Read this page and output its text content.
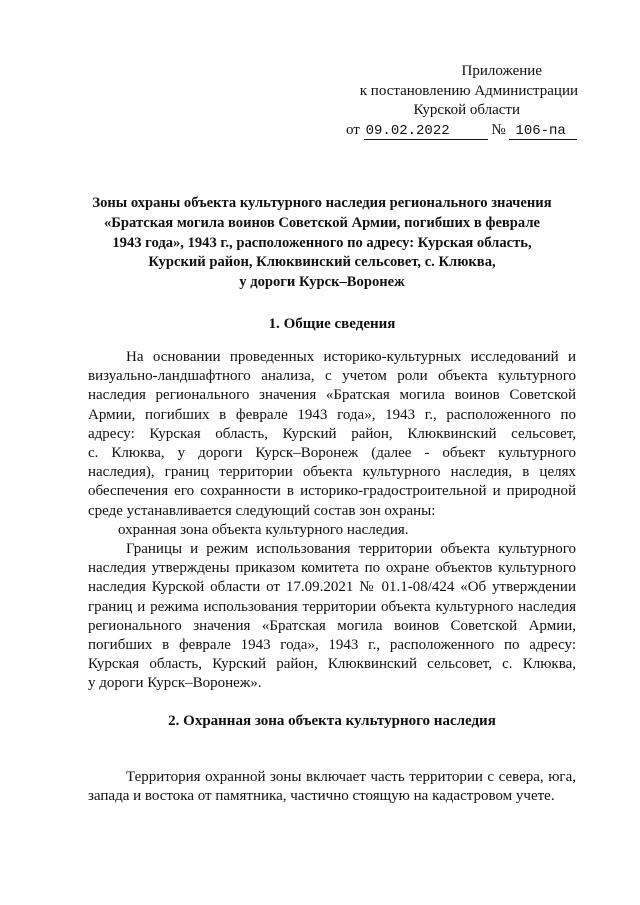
Приложение
к постановлению Администрации
Курской области
от 09.02.2022	№ 106-па
Зоны охраны объекта культурного наследия регионального значения
«Братская могила воинов Советской Армии, погибших в феврале
1943 года», 1943 г., расположенного по адресу: Курская область,
Курский район, Клюквинский сельсовет, с. Клюква,
у дороги Курск–Воронеж
1. Общие сведения
На основании проведенных историко-культурных исследований и
визуально-ландшафтного анализа, с учетом роли объекта культурного
наследия регионального значения «Братская могила воинов Советской
Армии, погибших в феврале 1943 года», 1943 г., расположенного по
адресу: Курская область, Курский район, Клюквинский сельсовет,
с. Клюква, у дороги Курск–Воронеж (далее - объект культурного
наследия), границ территории объекта культурного наследия, в целях
обеспечения его сохранности в историко-градостроительной и природной
среде устанавливается следующий состав зон охраны:
охранная зона объекта культурного наследия.
Границы и режим использования территории объекта культурного
наследия утверждены приказом комитета по охране объектов культурного
наследия Курской области от 17.09.2021 № 01.1-08/424 «Об утверждении
границ и режима использования территории объекта культурного наследия
регионального значения «Братская могила воинов Советской Армии,
погибших в феврале 1943 года», 1943 г., расположенного по адресу:
Курская область, Курский район, Клюквинский сельсовет, с. Клюква,
у дороги Курск–Воронеж».
2. Охранная зона объекта культурного наследия
Территория охранной зоны включает часть территории с севера, юга,
запада и востока от памятника, частично стоящую на кадастровом учете.
